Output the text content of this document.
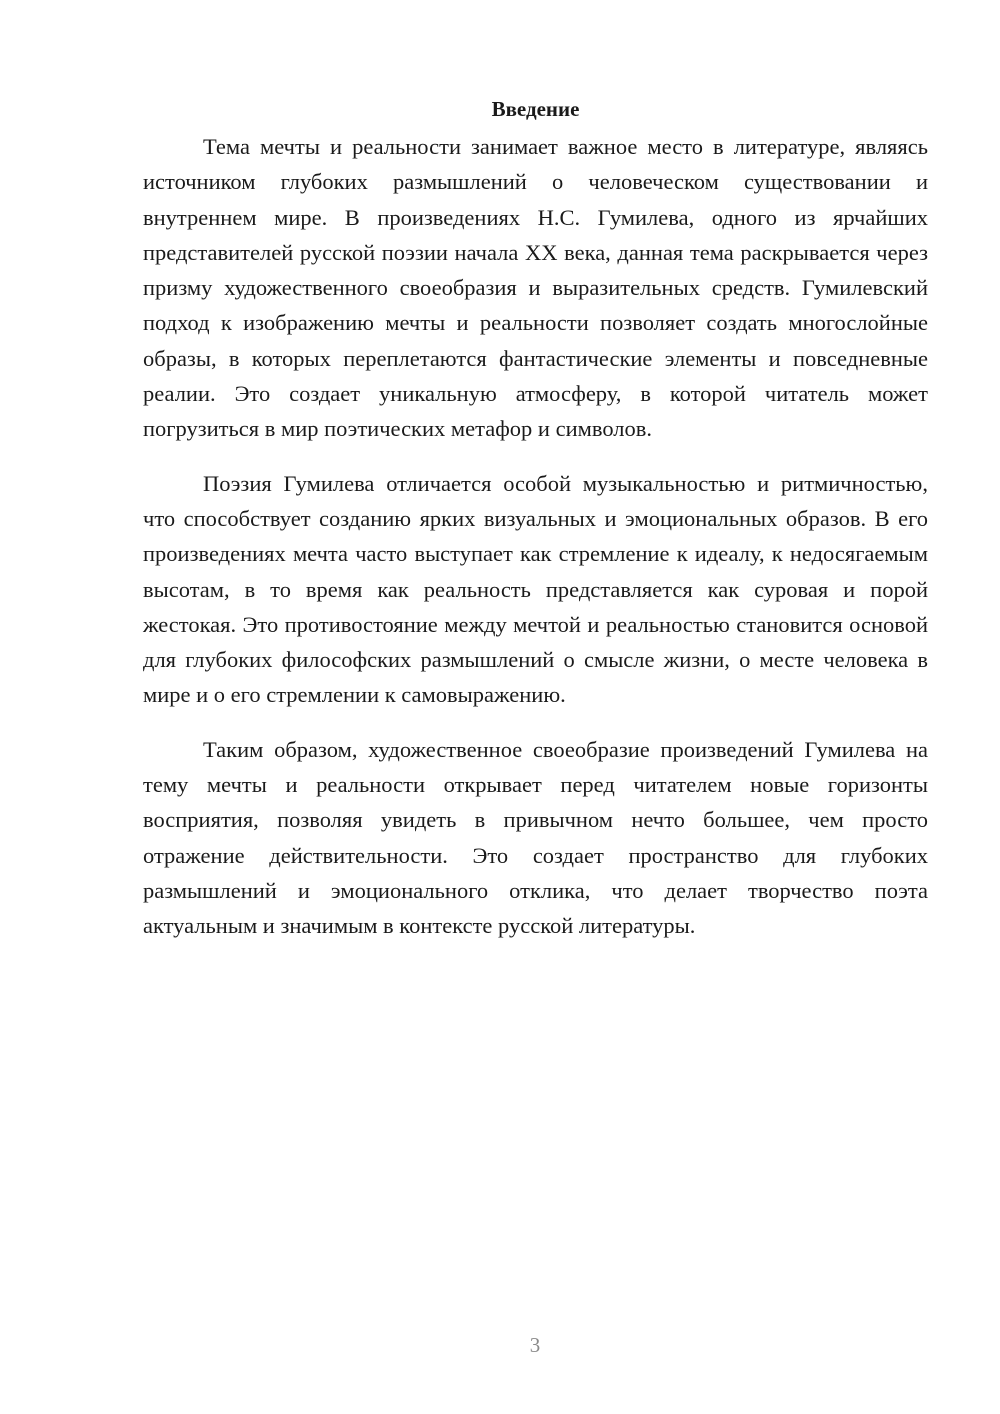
Введение

Тема мечты и реальности занимает важное место в литературе, являясь источником глубоких размышлений о человеческом существовании и внутреннем мире. В произведениях Н.С. Гумилева, одного из ярчайших представителей русской поэзии начала XX века, данная тема раскрывается через призму художественного своеобразия и выразительных средств. Гумилевский подход к изображению мечты и реальности позволяет создать многослойные образы, в которых переплетаются фантастические элементы и повседневные реалии. Это создает уникальную атмосферу, в которой читатель может погрузиться в мир поэтических метафор и символов.

Поэзия Гумилева отличается особой музыкальностью и ритмичностью, что способствует созданию ярких визуальных и эмоциональных образов. В его произведениях мечта часто выступает как стремление к идеалу, к недосягаемым высотам, в то время как реальность представляется как суровая и порой жестокая. Это противостояние между мечтой и реальностью становится основой для глубоких философских размышлений о смысле жизни, о месте человека в мире и о его стремлении к самовыражению.

Таким образом, художественное своеобразие произведений Гумилева на тему мечты и реальности открывает перед читателем новые горизонты восприятия, позволяя увидеть в привычном нечто большее, чем просто отражение действительности. Это создает пространство для глубоких размышлений и эмоционального отклика, что делает творчество поэта актуальным и значимым в контексте русской литературы.

3
